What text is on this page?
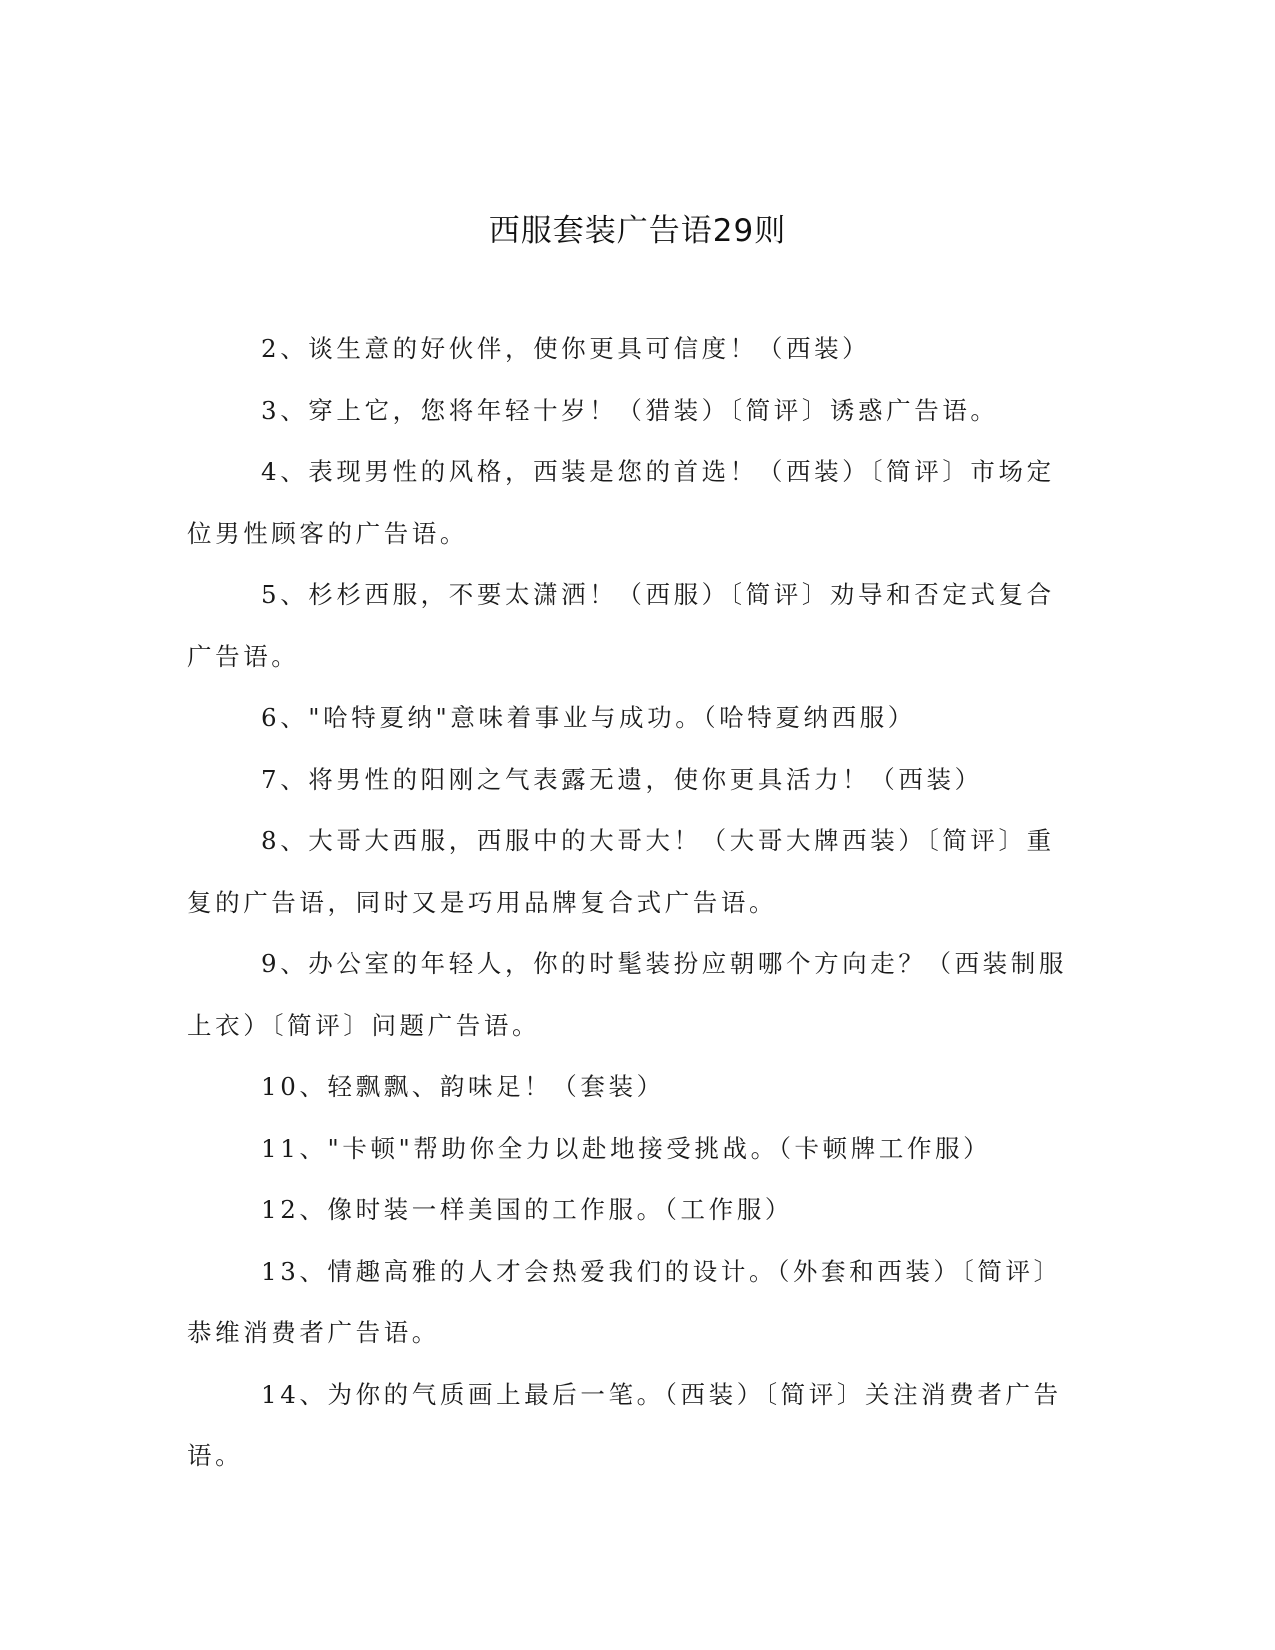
西服套装广告语29则

2、谈生意的好伙伴，使你更具可信度！（西装）

3、穿上它，您将年轻十岁！（猎装）〔简评〕诱惑广告语。

4、表现男性的风格，西装是您的首选！（西装）〔简评〕市场定位男性顾客的广告语。

5、杉杉西服，不要太潇洒！（西服）〔简评〕劝导和否定式复合广告语。

6、"哈特夏纳"意味着事业与成功。（哈特夏纳西服）

7、将男性的阳刚之气表露无遗，使你更具活力！（西装）

8、大哥大西服，西服中的大哥大！（大哥大牌西装）〔简评〕重复的广告语，同时又是巧用品牌复合式广告语。

9、办公室的年轻人，你的时髦装扮应朝哪个方向走？（西装制服上衣）〔简评〕问题广告语。

10、轻飘飘、韵味足！（套装）

11、"卡顿"帮助你全力以赴地接受挑战。（卡顿牌工作服）

12、像时装一样美国的工作服。（工作服）

13、情趣高雅的人才会热爱我们的设计。（外套和西装）〔简评〕恭维消费者广告语。

14、为你的气质画上最后一笔。（西装）〔简评〕关注消费者广告语。
